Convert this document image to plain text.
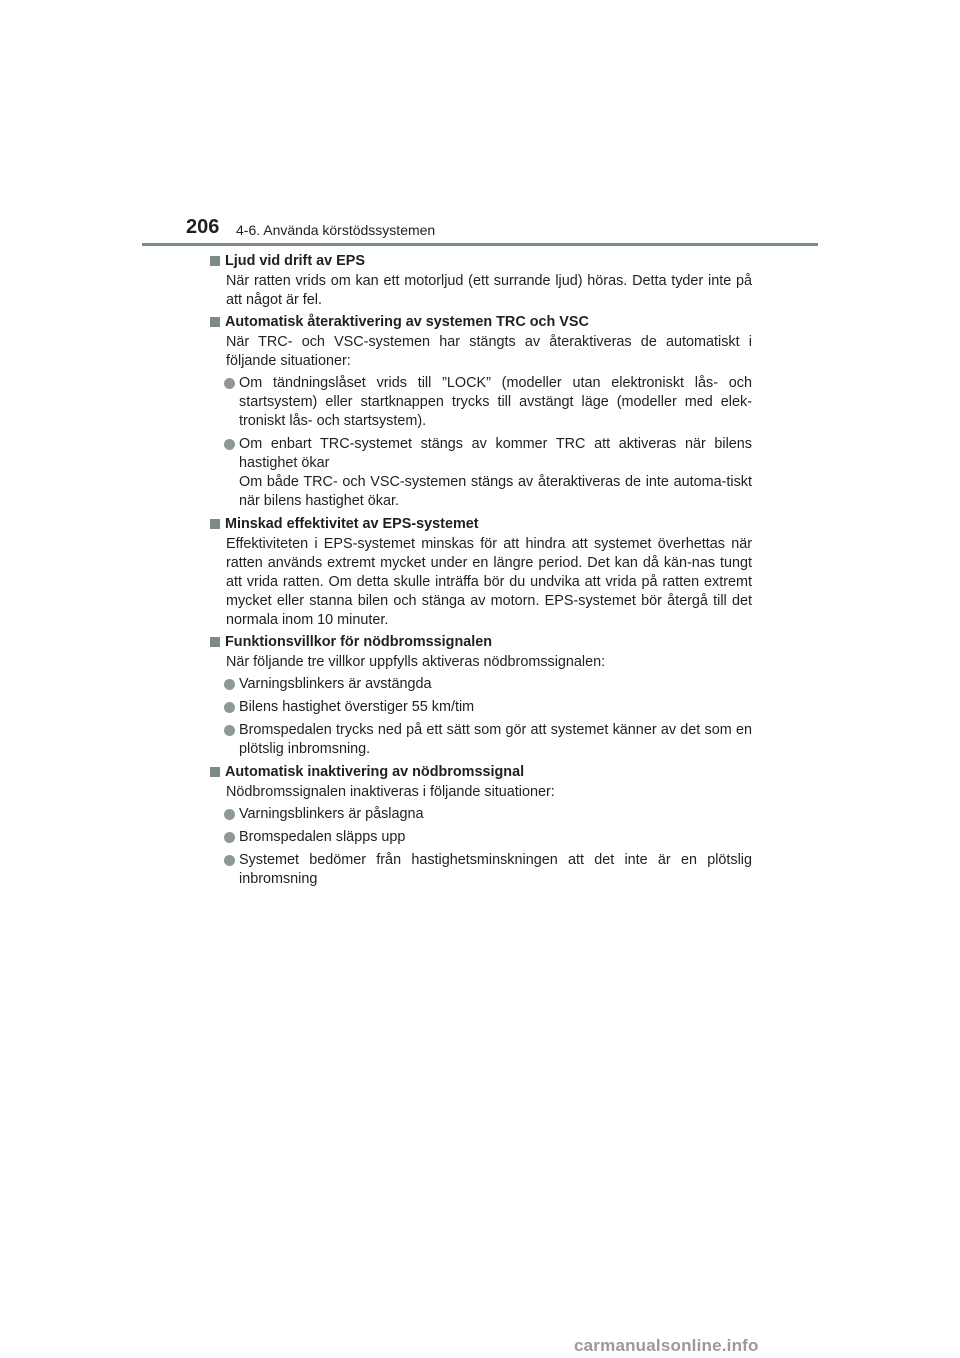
206 4-6. Använda körstödssystemen
Ljud vid drift av EPS
När ratten vrids om kan ett motorljud (ett surrande ljud) höras. Detta tyder inte på att något är fel.
Automatisk återaktivering av systemen TRC och VSC
När TRC- och VSC-systemen har stängts av återaktiveras de automatiskt i följande situationer:
Om tändningslåset vrids till ”LOCK” (modeller utan elektroniskt lås- och startsystem) eller startknappen trycks till avstängt läge (modeller med elek-troniskt lås- och startsystem).
Om enbart TRC-systemet stängs av kommer TRC att aktiveras när bilens hastighet ökar
Om både TRC- och VSC-systemen stängs av återaktiveras de inte automa-tiskt när bilens hastighet ökar.
Minskad effektivitet av EPS-systemet
Effektiviteten i EPS-systemet minskas för att hindra att systemet överhettas när ratten används extremt mycket under en längre period. Det kan då kän-nas tungt att vrida ratten. Om detta skulle inträffa bör du undvika att vrida på ratten extremt mycket eller stanna bilen och stänga av motorn. EPS-systemet bör återgå till det normala inom 10 minuter.
Funktionsvillkor för nödbromssignalen
När följande tre villkor uppfylls aktiveras nödbromssignalen:
Varningsblinkers är avstängda
Bilens hastighet överstiger 55 km/tim
Bromspedalen trycks ned på ett sätt som gör att systemet känner av det som en plötslig inbromsning.
Automatisk inaktivering av nödbromssignal
Nödbromssignalen inaktiveras i följande situationer:
Varningsblinkers är påslagna
Bromspedalen släpps upp
Systemet bedömer från hastighetsminskningen att det inte är en plötslig inbromsning
carmanualsonline.info
